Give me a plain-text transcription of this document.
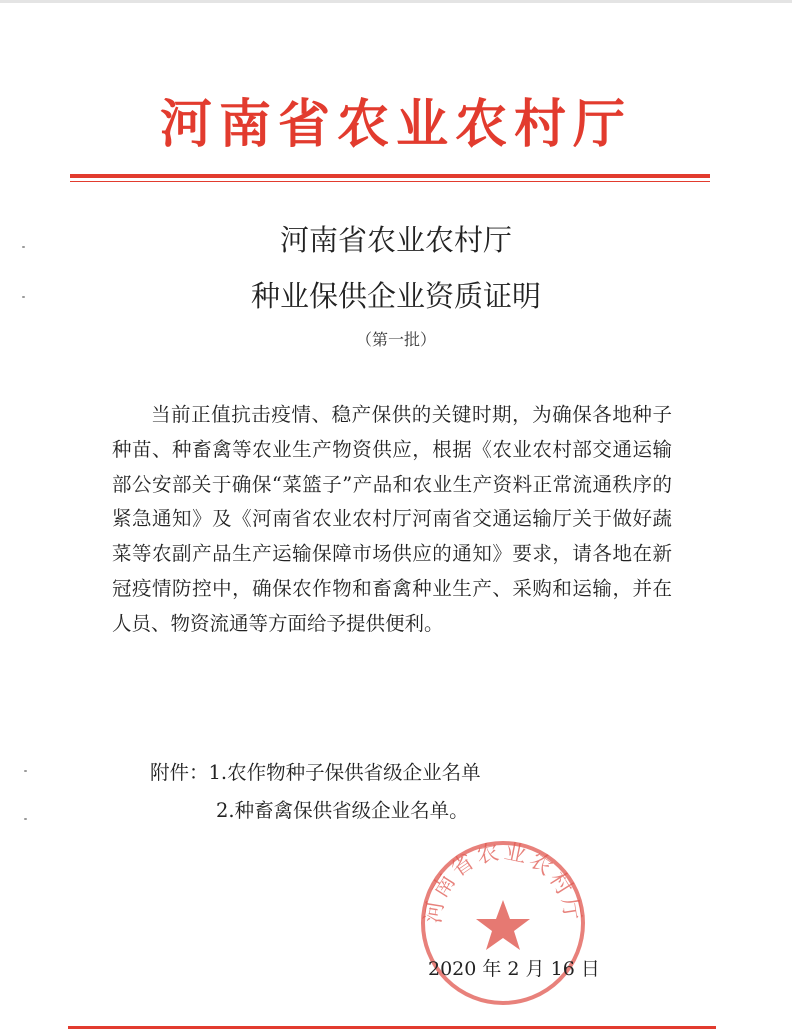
河南省农业农村厅
河南省农业农村厅
种业保供企业资质证明
（第一批）

当前正值抗击疫情、稳产保供的关键时期，为确保各地种子种苗、种畜禽等农业生产物资供应，根据《农业农村部交通运输部公安部关于确保“菜篮子”产品和农业生产资料正常流通秩序的紧急通知》及《河南省农业农村厅河南省交通运输厅关于做好蔬菜等农副产品生产运输保障市场供应的通知》要求，请各地在新冠疫情防控中，确保农作物和畜禽种业生产、采购和运输，并在人员、物资流通等方面给予提供便利。

附件：1.农作物种子保供省级企业名单
2.种畜禽保供省级企业名单。
河南省农业农村厅
2020 年 2 月 16 日
